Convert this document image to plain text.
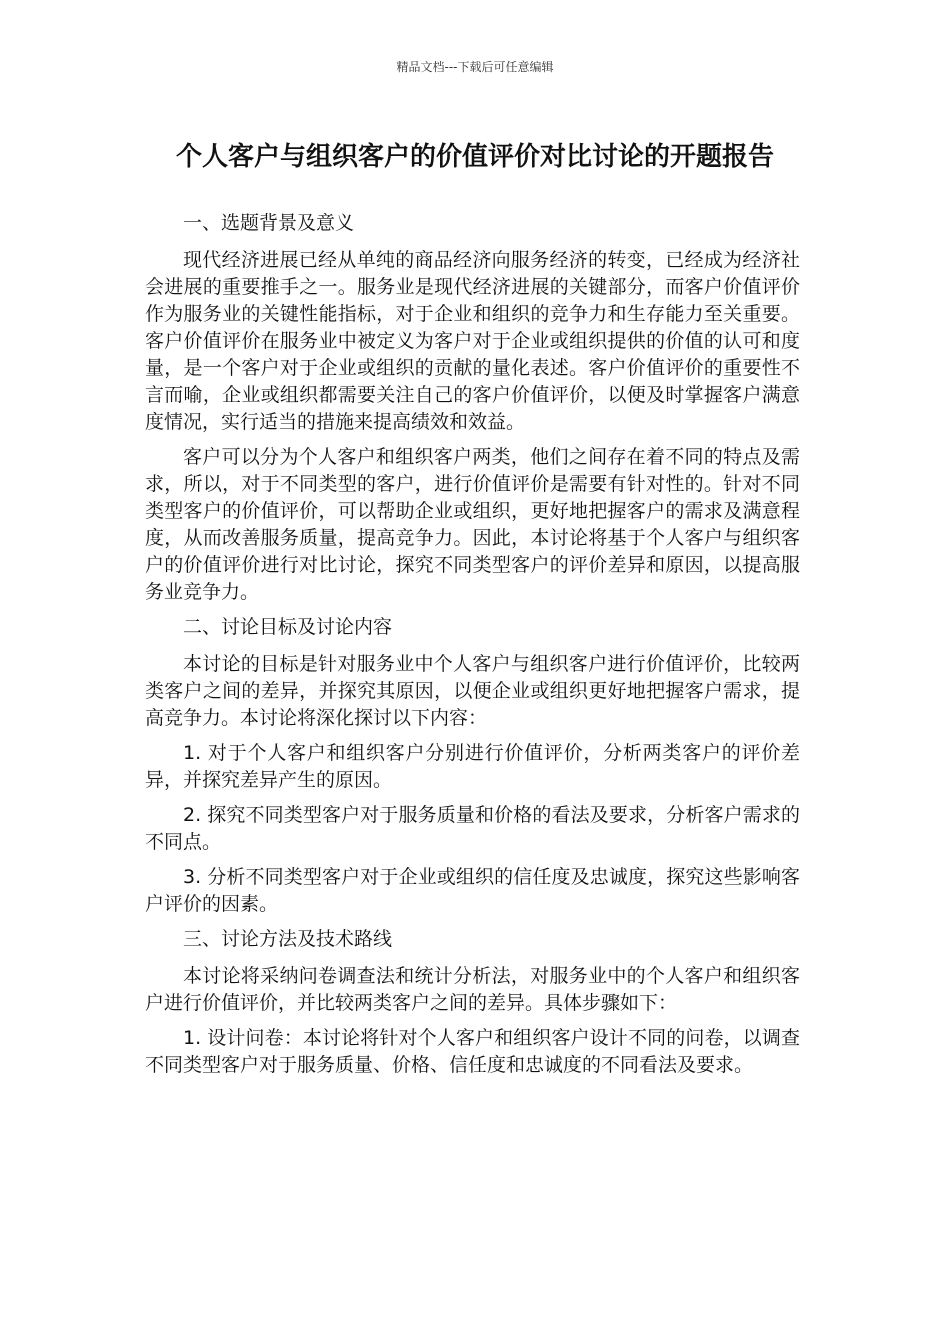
精品文档---下载后可任意编辑
个人客户与组织客户的价值评价对比讨论的开题报告

一、选题背景及意义

现代经济进展已经从单纯的商品经济向服务经济的转变，已经成为经济社会进展的重要推手之一。服务业是现代经济进展的关键部分，而客户价值评价作为服务业的关键性能指标，对于企业和组织的竞争力和生存能力至关重要。客户价值评价在服务业中被定义为客户对于企业或组织提供的价值的认可和度量，是一个客户对于企业或组织的贡献的量化表述。客户价值评价的重要性不言而喻，企业或组织都需要关注自己的客户价值评价，以便及时掌握客户满意度情况，实行适当的措施来提高绩效和效益。

客户可以分为个人客户和组织客户两类，他们之间存在着不同的特点及需求，所以，对于不同类型的客户，进行价值评价是需要有针对性的。针对不同类型客户的价值评价，可以帮助企业或组织，更好地把握客户的需求及满意程度，从而改善服务质量，提高竞争力。因此，本讨论将基于个人客户与组织客户的价值评价进行对比讨论，探究不同类型客户的评价差异和原因，以提高服务业竞争力。

二、讨论目标及讨论内容

本讨论的目标是针对服务业中个人客户与组织客户进行价值评价，比较两类客户之间的差异，并探究其原因，以便企业或组织更好地把握客户需求，提高竞争力。本讨论将深化探讨以下内容：

1. 对于个人客户和组织客户分别进行价值评价，分析两类客户的评价差异，并探究差异产生的原因。

2. 探究不同类型客户对于服务质量和价格的看法及要求，分析客户需求的不同点。

3. 分析不同类型客户对于企业或组织的信任度及忠诚度，探究这些影响客户评价的因素。

三、讨论方法及技术路线

本讨论将采纳问卷调查法和统计分析法，对服务业中的个人客户和组织客户进行价值评价，并比较两类客户之间的差异。具体步骤如下：

1. 设计问卷：本讨论将针对个人客户和组织客户设计不同的问卷，以调查不同类型客户对于服务质量、价格、信任度和忠诚度的不同看法及要求。
